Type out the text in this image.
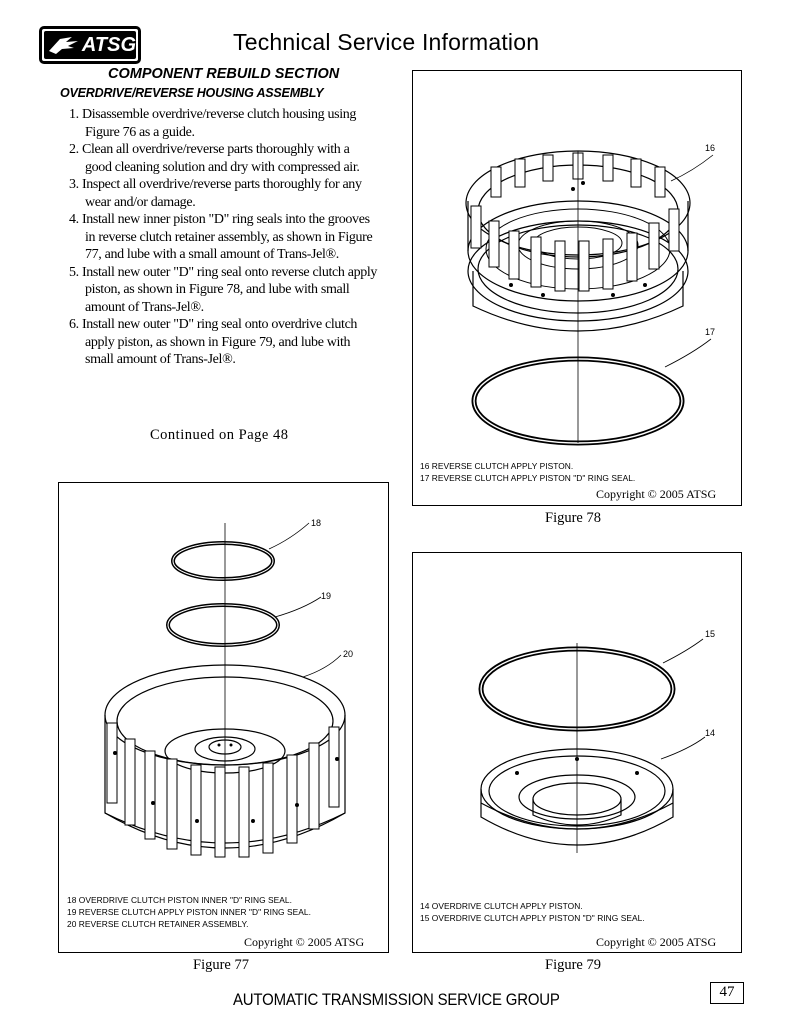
ATSG	Technical Service Information
COMPONENT REBUILD SECTION
OVERDRIVE/REVERSE HOUSING ASSEMBLY
1. Disassemble overdrive/reverse clutch housing using Figure 76 as a guide.
2. Clean all overdrive/reverse parts thoroughly with a good cleaning solution and dry with compressed air.
3. Inspect all overdrive/reverse parts thoroughly for any wear and/or damage.
4. Install new inner piston "D" ring seals into the grooves in reverse clutch retainer assembly, as shown in Figure 77, and lube with a small amount of Trans-Jel®.
5. Install new outer "D" ring seal onto reverse clutch apply piston, as shown in Figure 78, and lube with small amount of Trans-Jel®.
6. Install new outer "D" ring seal onto overdrive clutch apply piston, as shown in Figure 79, and lube with small amount of Trans-Jel®.
Continued on Page 48
16
17
16 REVERSE CLUTCH APPLY PISTON.
17 REVERSE CLUTCH APPLY PISTON "D" RING SEAL.
Copyright © 2005 ATSG
Figure 78
18
19
20
18 OVERDRIVE CLUTCH PISTON INNER "D" RING SEAL.
19 REVERSE CLUTCH APPLY PISTON INNER "D" RING SEAL.
20 REVERSE CLUTCH RETAINER ASSEMBLY.
Copyright © 2005 ATSG
Figure 77
15
14
14 OVERDRIVE CLUTCH APPLY PISTON.
15 OVERDRIVE CLUTCH APPLY PISTON "D" RING SEAL.
Copyright © 2005 ATSG
Figure 79
AUTOMATIC TRANSMISSION SERVICE GROUP	47
